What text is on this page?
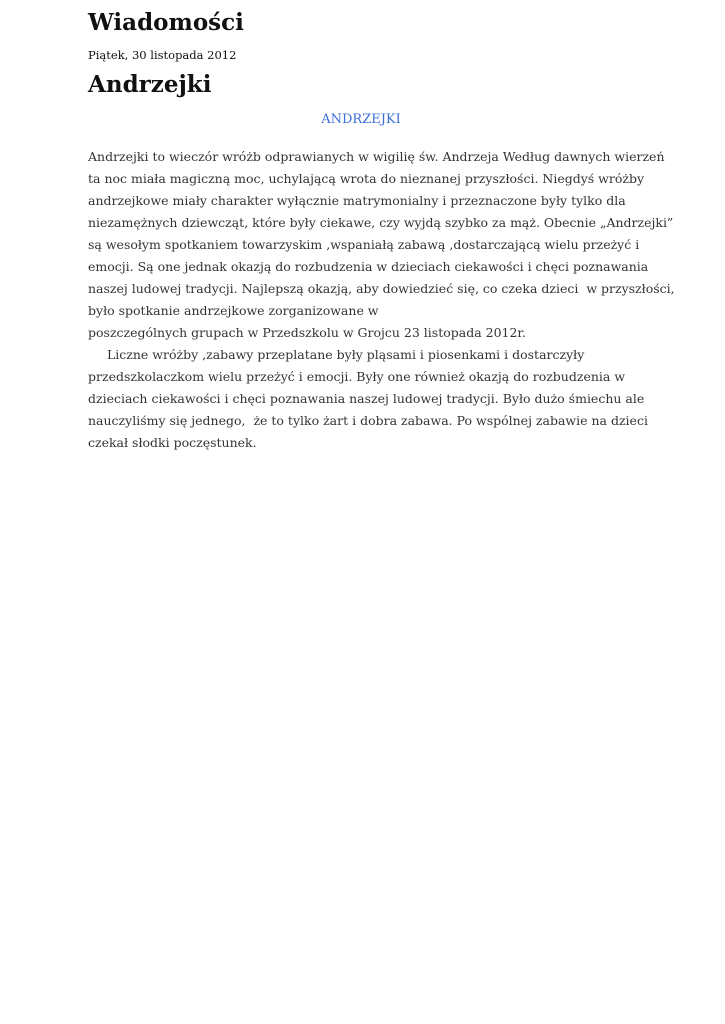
Wiadomości
Piątek, 30 listopada 2012
Andrzejki
ANDRZEJKI
Andrzejki to wieczór wróżb odprawianych w wigilię św. Andrzeja Według dawnych wierzeń
ta noc miała magiczną moc, uchylającą wrota do nieznanej przyszłości. Niegdyś wróżby
andrzejkowe miały charakter wyłącznie matrymonialny i przeznaczone były tylko dla
niezamężnych dziewcząt, które były ciekawe, czy wyjdą szybko za mąż. Obecnie „Andrzejki”
są wesołym spotkaniem towarzyskim ,wspaniałą zabawą ,dostarczającą wielu przeżyć i
emocji. Są one jednak okazją do rozbudzenia w dzieciach ciekawości i chęci poznawania
naszej ludowej tradycji. Najlepszą okazją, aby dowiedzieć się, co czeka dzieci  w przyszłości,
było spotkanie andrzejkowe zorganizowane w
poszczególnych grupach w Przedszkolu w Grojcu 23 listopada 2012r.
Liczne wróżby ,zabawy przeplatane były pląsami i piosenkami i dostarczyły
przedszkolaczkom wielu przeżyć i emocji. Były one również okazją do rozbudzenia w
dzieciach ciekawości i chęci poznawania naszej ludowej tradycji. Było dużo śmiechu ale
nauczyliśmy się jednego,  że to tylko żart i dobra zabawa. Po wspólnej zabawie na dzieci
czekał słodki poczęstunek.
